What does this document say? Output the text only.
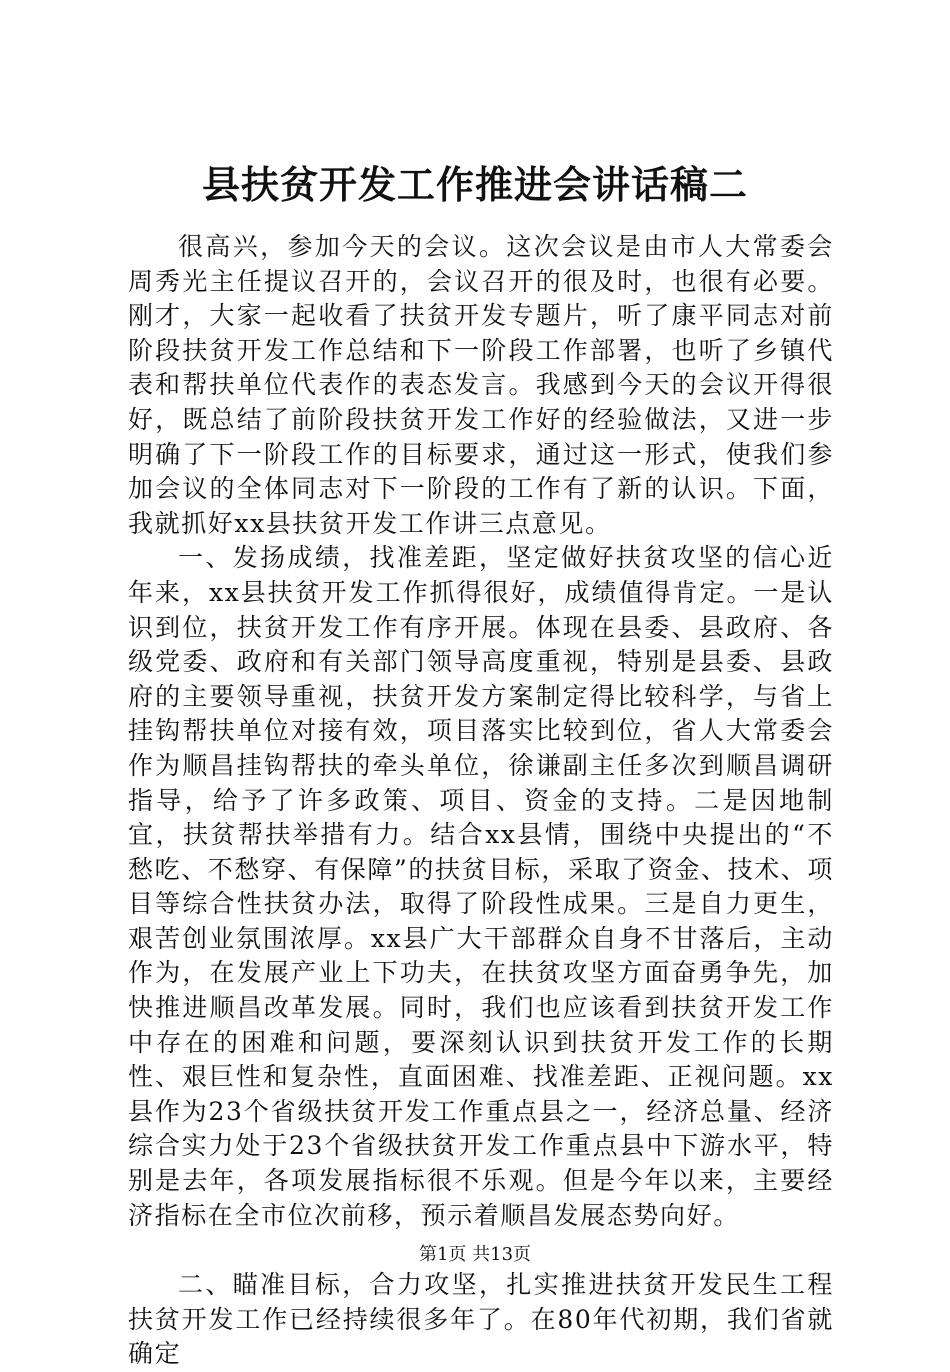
县扶贫开发工作推进会讲话稿二

很高兴，参加今天的会议。这次会议是由市人大常委会周秀光主任提议召开的，会议召开的很及时，也很有必要。刚才，大家一起收看了扶贫开发专题片，听了康平同志对前阶段扶贫开发工作总结和下一阶段工作部署，也听了乡镇代表和帮扶单位代表作的表态发言。我感到今天的会议开得很好，既总结了前阶段扶贫开发工作好的经验做法，又进一步明确了下一阶段工作的目标要求，通过这一形式，使我们参加会议的全体同志对下一阶段的工作有了新的认识。下面，我就抓好xx县扶贫开发工作讲三点意见。

一、发扬成绩，找准差距，坚定做好扶贫攻坚的信心近年来，xx县扶贫开发工作抓得很好，成绩值得肯定。一是认识到位，扶贫开发工作有序开展。体现在县委、县政府、各级党委、政府和有关部门领导高度重视，特别是县委、县政府的主要领导重视，扶贫开发方案制定得比较科学，与省上挂钩帮扶单位对接有效，项目落实比较到位，省人大常委会作为顺昌挂钩帮扶的牵头单位，徐谦副主任多次到顺昌调研指导，给予了许多政策、项目、资金的支持。二是因地制宜，扶贫帮扶举措有力。结合xx县情，围绕中央提出的“不愁吃、不愁穿、有保障”的扶贫目标，采取了资金、技术、项目等综合性扶贫办法，取得了阶段性成果。三是自力更生，艰苦创业氛围浓厚。xx县广大干部群众自身不甘落后，主动作为，在发展产业上下功夫，在扶贫攻坚方面奋勇争先，加快推进顺昌改革发展。同时，我们也应该看到扶贫开发工作中存在的困难和问题，要深刻认识到扶贫开发工作的长期性、艰巨性和复杂性，直面困难、找准差距、正视问题。xx县作为23个省级扶贫开发工作重点县之一，经济总量、经济综合实力处于23个省级扶贫开发工作重点县中下游水平，特别是去年，各项发展指标很不乐观。但是今年以来，主要经济指标在全市位次前移，预示着顺昌发展态势向好。

二、瞄准目标，合力攻坚，扎实推进扶贫开发民生工程扶贫开发工作已经持续很多年了。在80年代初期，我们省就确定

第1页 共13页
